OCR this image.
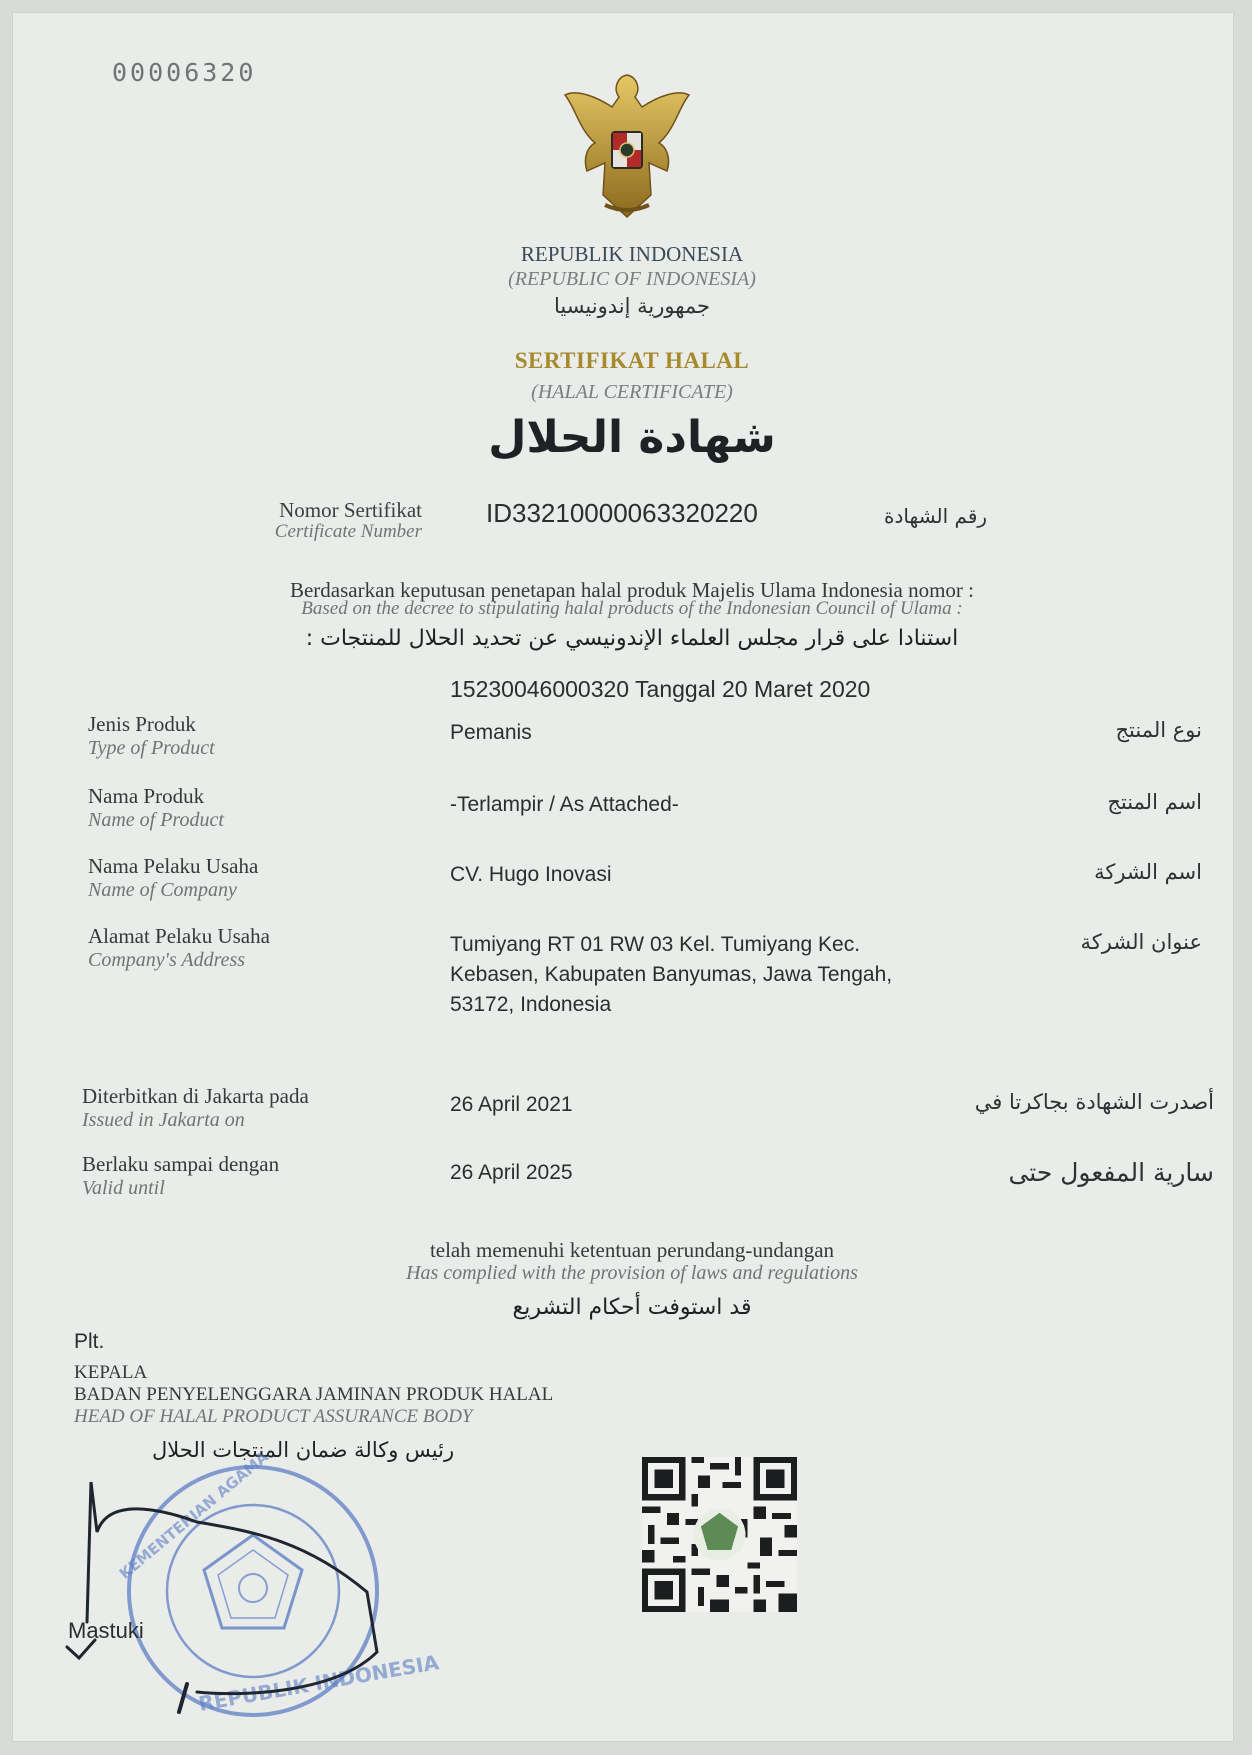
00006320
REPUBLIK INDONESIA
(REPUBLIC OF INDONESIA)
جمهورية إندونيسيا
SERTIFIKAT HALAL
(HALAL CERTIFICATE)
شهادة الحلال
Nomor Sertifikat
Certificate Number
ID33210000063320220	رقم الشهادة
Berdasarkan keputusan penetapan halal produk Majelis Ulama Indonesia nomor :
Based on the decree to stipulating halal products of the Indonesian Council of Ulama :
استنادا على قرار مجلس العلماء الإندونيسي عن تحديد الحلال للمنتجات :
15230046000320 Tanggal 20 Maret 2020
Jenis Produk
Type of Product
Pemanis	نوع المنتج
Nama Produk
Name of Product
-Terlampir / As Attached-	اسم المنتج
Nama Pelaku Usaha
Name of Company
CV. Hugo Inovasi	اسم الشركة
Alamat Pelaku Usaha
Company's Address
Tumiyang RT 01 RW 03 Kel. Tumiyang Kec.
Kebasen, Kabupaten Banyumas, Jawa Tengah,
53172, Indonesia
عنوان الشركة
Diterbitkan di Jakarta pada
Issued in Jakarta on
26 April 2021	أصدرت الشهادة بجاكرتا في
Berlaku sampai dengan
Valid until
26 April 2025	سارية المفعول حتى
telah memenuhi ketentuan perundang-undangan
Has complied with the provision of laws and regulations
قد استوفت أحكام التشريع
Plt.
KEPALA
BADAN PENYELENGGARA JAMINAN PRODUK HALAL
HEAD OF HALAL PRODUCT ASSURANCE BODY
رئيس وكالة ضمان المنتجات الحلال
KEMENTERIAN AGAMA
REPUBLIK INDONESIA
Mastuki
